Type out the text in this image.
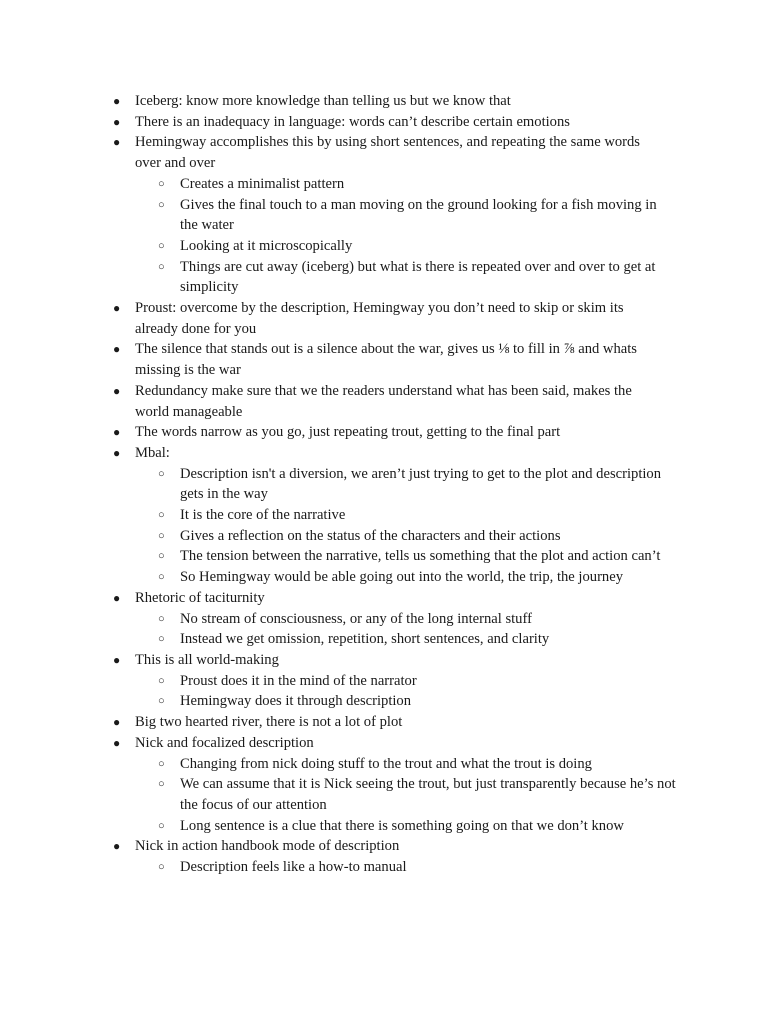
● Iceberg: know more knowledge than telling us but we know that
● There is an inadequacy in language: words can’t describe certain emotions
● Hemingway accomplishes this by using short sentences, and repeating the same words over and over
○ Creates a minimalist pattern
○ Gives the final touch to a man moving on the ground looking for a fish moving in the water
○ Looking at it microscopically
○ Things are cut away (iceberg) but what is there is repeated over and over to get at simplicity
● Proust: overcome by the description, Hemingway you don’t need to skip or skim its already done for you
● The silence that stands out is a silence about the war, gives us ⅛ to fill in ⅞ and whats missing is the war
● Redundancy make sure that we the readers understand what has been said, makes the world manageable
● The words narrow as you go, just repeating trout, getting to the final part
● Mbal:
○ Description isn't a diversion, we aren’t just trying to get to the plot and description gets in the way
○ It is the core of the narrative
○ Gives a reflection on the status of the characters and their actions
○ The tension between the narrative, tells us something that the plot and action can’t
○ So Hemingway would be able going out into the world, the trip, the journey
● Rhetoric of taciturnity
○ No stream of consciousness, or any of the long internal stuff
○ Instead we get omission, repetition, short sentences, and clarity
● This is all world-making
○ Proust does it in the mind of the narrator
○ Hemingway does it through description
● Big two hearted river, there is not a lot of plot
● Nick and focalized description
○ Changing from nick doing stuff to the trout and what the trout is doing
○ We can assume that it is Nick seeing the trout, but just transparently because he’s not the focus of our attention
○ Long sentence is a clue that there is something going on that we don’t know
● Nick in action handbook mode of description
○ Description feels like a how-to manual
